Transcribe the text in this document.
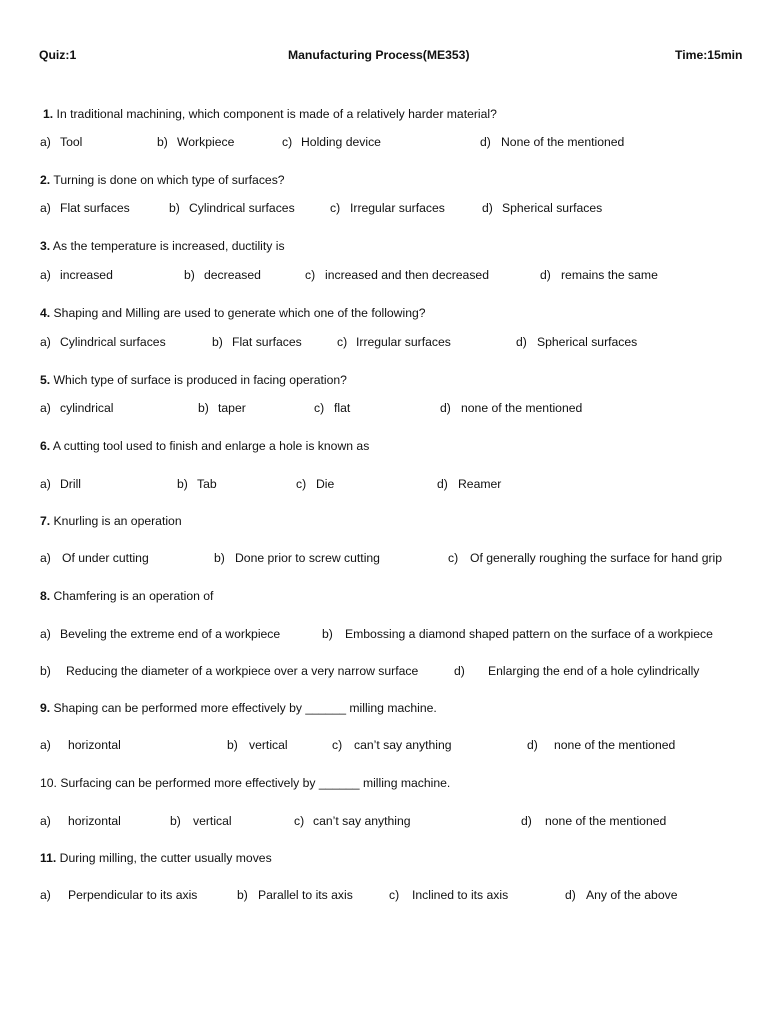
Quiz:1	Manufacturing Process(ME353)	Time:15min
1. In traditional machining, which component is made of a relatively harder material?
a) Tool	b) Workpiece	c) Holding device	d) None of the mentioned
2. Turning is done on which type of surfaces?
a) Flat surfaces	b) Cylindrical surfaces	c) Irregular surfaces	d) Spherical surfaces
3. As the temperature is increased, ductility is
a) increased	b) decreased	c) increased and then decreased	d) remains the same
4. Shaping and Milling are used to generate which one of the following?
a) Cylindrical surfaces	b) Flat surfaces	c) Irregular surfaces	d) Spherical surfaces
5. Which type of surface is produced in facing operation?
a) cylindrical	b) taper	c) flat	d) none of the mentioned
6. A cutting tool used to finish and enlarge a hole is known as
a) Drill	b) Tab	c) Die	d) Reamer
7. Knurling is an operation
a) Of under cutting	b) Done prior to screw cutting	c) Of generally roughing the surface for hand grip
8. Chamfering is an operation of
a) Beveling the extreme end of a workpiece	b) Embossing a diamond shaped pattern on the surface of a workpiece
b) Reducing the diameter of a workpiece over a very narrow surface	d) Enlarging the end of a hole cylindrically
9. Shaping can be performed more effectively by ______ milling machine.
a) horizontal	b) vertical	c) can’t say anything	d) none of the mentioned
10. Surfacing can be performed more effectively by ______ milling machine.
a) horizontal	b) vertical	c) can’t say anything	d) none of the mentioned
11. During milling, the cutter usually moves
a) Perpendicular to its axis	b) Parallel to its axis	c) Inclined to its axis	d) Any of the above
